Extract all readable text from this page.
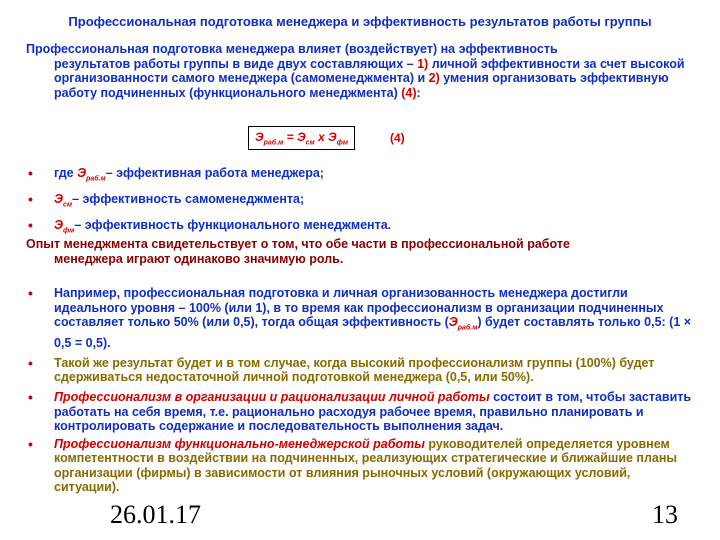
Профессиональная подготовка менеджера и эффективность результатов работы группы
Профессиональная подготовка менеджера влияет (воздействует) на эффективность
результатов работы группы в виде двух составляющих – 1) личной эффективности за счет высокой организованности самого менеджера (самоменеджмента) и 2) умения организовать эффективную работу подчиненных (функционального менеджмента) (4):
$Э_{раб.м} = Э_{см}$ х $Э_{фм}$	(4)
• где $Э_{раб.м}-$ эффективная работа менеджера;
• $Э_{см}-$ эффективность самоменеджмента;
• $Э_{фм}-$ эффективность функционального менеджмента.
Опыт менеджмента свидетельствует о том, что обе части в профессиональной работе
менеджера играют одинаково значимую роль.
• Например, профессиональная подготовка и личная организованность менеджера достигли идеального уровня – 100% (или 1), в то время как профессионализм в организации подчиненных составляет только 50% (или 0,5), тогда общая эффективность $(Э_{раб.м})$ будет составлять только 0,5: (1 × 0,5 = 0,5).
• Такой же результат будет и в том случае, когда высокий профессионализм группы (100%) будет сдерживаться недостаточной личной подготовкой менеджера (0,5, или 50%).
• Профессионализм в организации и рационализации личной работы состоит в том, чтобы заставить работать на себя время, т.е. рационально расходуя рабочее время, правильно планировать и контролировать содержание и последовательность выполнения задач.
• Профессионализм функционально-менеджерской работы руководителей определяется уровнем компетентности в воздействии на подчиненных, реализующих стратегические и ближайшие планы организации (фирмы) в зависимости от влияния рыночных условий (окружающих условий, ситуации).
26.01.17	13
